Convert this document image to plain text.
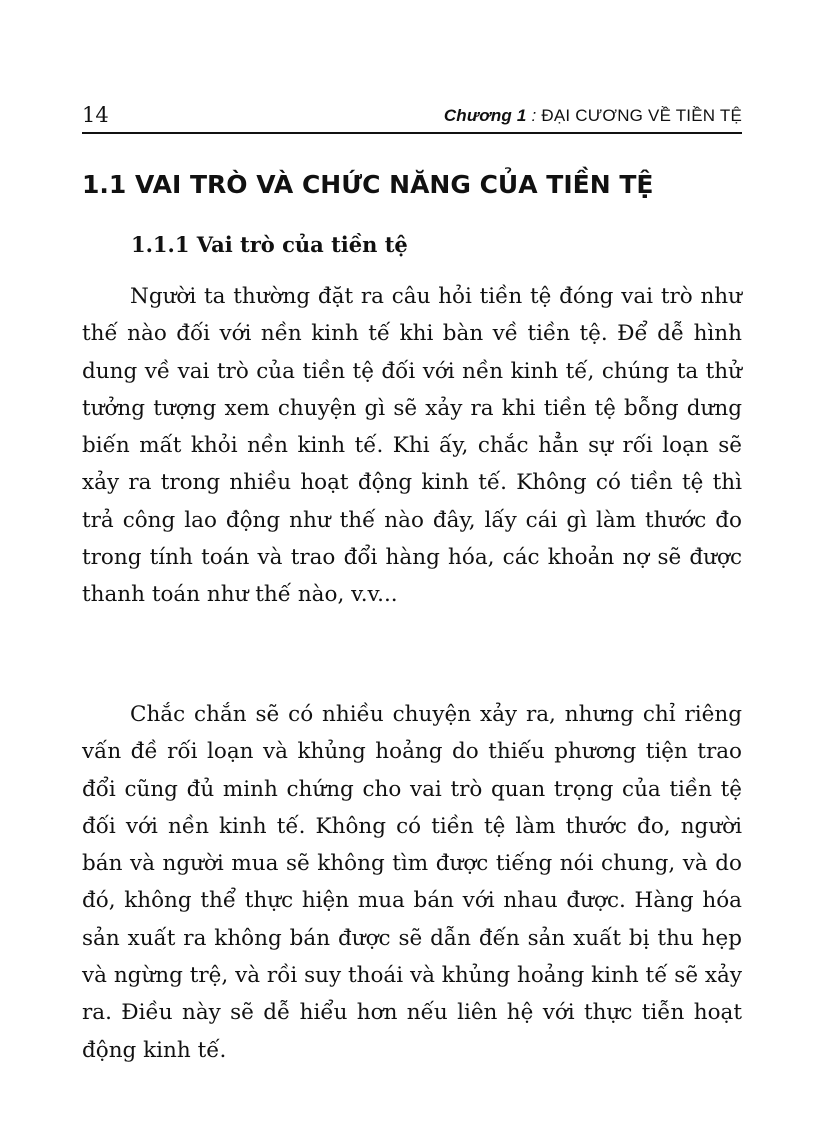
14	Chương 1 : ĐẠI CƯƠNG VỀ TIỀN TỆ
1.1 VAI TRÒ VÀ CHỨC NĂNG CỦA TIỀN TỆ
1.1.1 Vai trò của tiền tệ

Người ta thường đặt ra câu hỏi tiền tệ đóng vai trò như thế nào đối với nền kinh tế khi bàn về tiền tệ. Để dễ hình dung về vai trò của tiền tệ đối với nền kinh tế, chúng ta thử tưởng tượng xem chuyện gì sẽ xảy ra khi tiền tệ bỗng dưng biến mất khỏi nền kinh tế. Khi ấy, chắc hẳn sự rối loạn sẽ xảy ra trong nhiều hoạt động kinh tế. Không có tiền tệ thì trả công lao động như thế nào đây, lấy cái gì làm thước đo trong tính toán và trao đổi hàng hóa, các khoản nợ sẽ được thanh toán như thế nào, v.v...

Chắc chắn sẽ có nhiều chuyện xảy ra, nhưng chỉ riêng vấn đề rối loạn và khủng hoảng do thiếu phương tiện trao đổi cũng đủ minh chứng cho vai trò quan trọng của tiền tệ đối với nền kinh tế. Không có tiền tệ làm thước đo, người bán và người mua sẽ không tìm được tiếng nói chung, và do đó, không thể thực hiện mua bán với nhau được. Hàng hóa sản xuất ra không bán được sẽ dẫn đến sản xuất bị thu hẹp và ngừng trệ, và rồi suy thoái và khủng hoảng kinh tế sẽ xảy ra. Điều này sẽ dễ hiểu hơn nếu liên hệ với thực tiễn hoạt động kinh tế.
